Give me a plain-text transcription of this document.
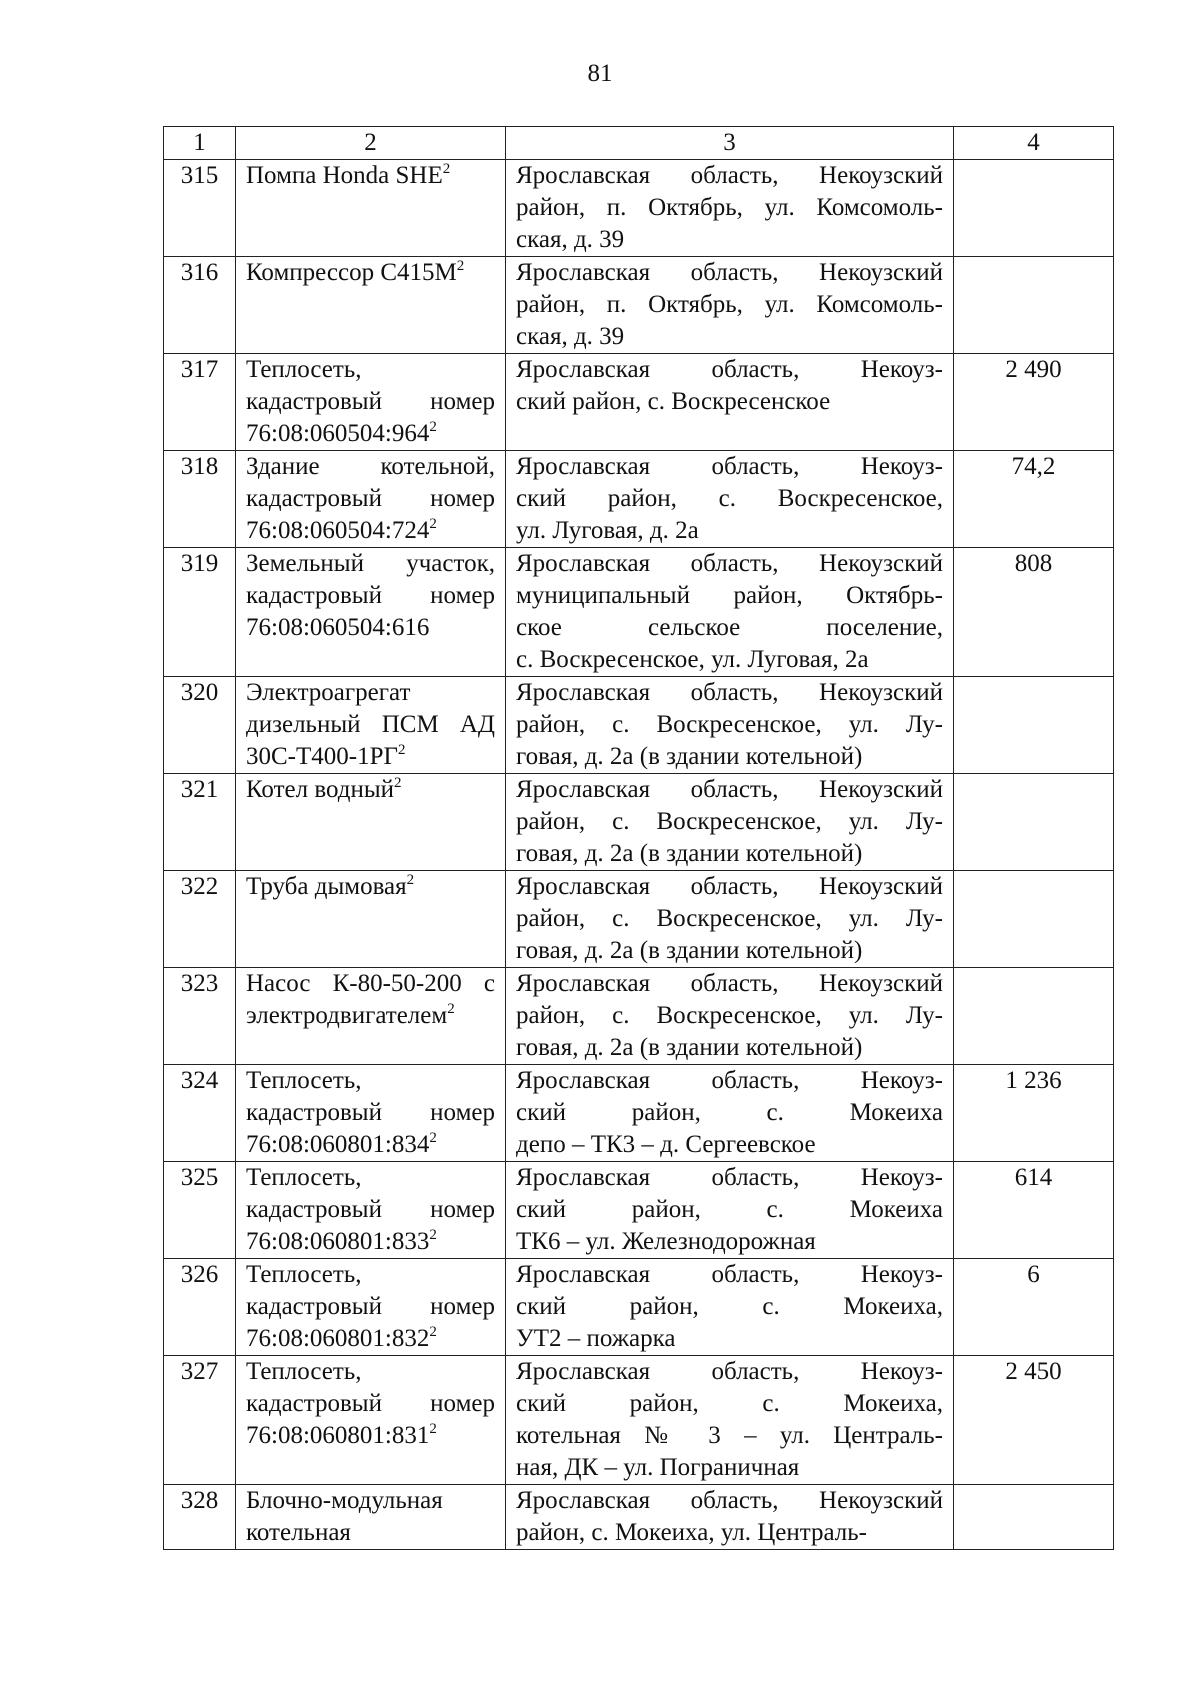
81
1	2	3	4
315	Помпа Honda SHE$^2$	Ярославская область, Некоузский
район, п. Октябрь, ул. Комсомоль-
ская, д. 39	

316	Компрессор $С415М^2$	Ярославская область, Некоузский
район, п. Октябрь, ул. Комсомоль-
ская, д. 39	

317	Теплосеть,
кадастровый номер
$76:08:060504:964^2$	Ярославская область, Некоуз-
ский район, с. Воскресенское	2 490
318	Здание котельной,
кадастровый номер
$76:08:060504:724^2$	Ярославская область, Некоуз-
ский район, с. Воскресенское,
ул. Луговая, д. 2а	74,2
319	Земельный участок,
кадастровый номер
76:08:060504:616	Ярославская область, Некоузский
муниципальный район, Октябрь-
ское сельское поселение,
с. Воскресенское, ул. Луговая, 2а	808
320	Электроагрегат
дизельный ПСМ АД
$30С-Т400-1РГ^2$	Ярославская область, Некоузский
район, с. Воскресенское, ул. Лу-
говая, д. 2а (в здании котельной)	

321	Котел водный$^2$	Ярославская область, Некоузский
район, с. Воскресенское, ул. Лу-
говая, д. 2а (в здании котельной)	

322	Труба дымовая$^2$	Ярославская область, Некоузский
район, с. Воскресенское, ул. Лу-
говая, д. 2а (в здании котельной)	

323	Насос К-80-50-200 с
электродвигателем$^2$	Ярославская область, Некоузский
район, с. Воскресенское, ул. Лу-
говая, д. 2а (в здании котельной)	

324	Теплосеть,
кадастровый номер
$76:08:060801:834^2$	Ярославская область, Некоуз-
ский район, с. Мокеиха
депо – ТК3 – д. Сергеевское	1 236
325	Теплосеть,
кадастровый номер
$76:08:060801:833^2$	Ярославская область, Некоуз-
ский район, с. Мокеиха
ТК6 – ул. Железнодорожная	614
326	Теплосеть,
кадастровый номер
$76:08:060801:832^2$	Ярославская область, Некоуз-
ский район, с. Мокеиха,
УТ2 – пожарка	6
327	Теплосеть,
кадастровый номер
$76:08:060801:831^2$	Ярославская область, Некоуз-
ский район, с. Мокеиха,
котельная № 3 – ул. Централь-
ная, ДК – ул. Пограничная	2 450
328	Блочно-модульная
котельная	Ярославская область, Некоузский
район, с. Мокеиха, ул. Централь-	
